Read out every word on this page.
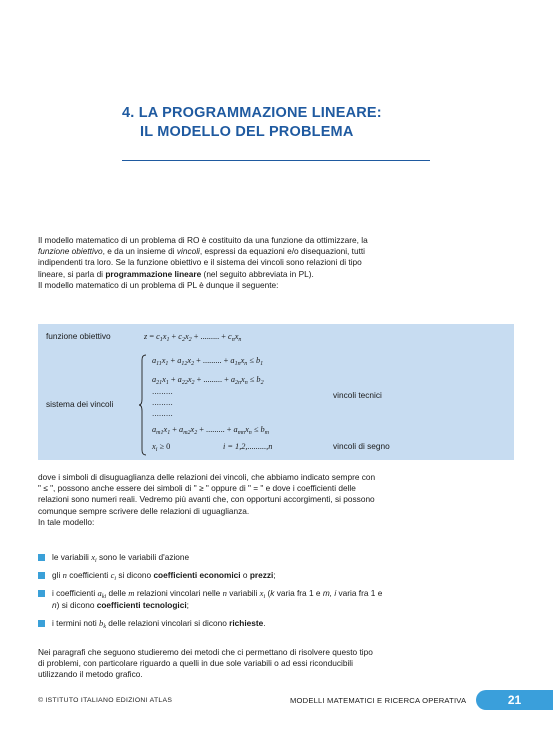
4. LA PROGRAMMAZIONE LINEARE:
IL MODELLO DEL PROBLEMA
Il modello matematico di un problema di RO è costituito da una funzione da ottimizzare, la funzione obiettivo, e da un insieme di vincoli, espressi da equazioni e/o disequazioni, tutti indipendenti tra loro. Se la funzione obiettivo e il sistema dei vincoli sono relazioni di tipo lineare, si parla di programmazione lineare (nel seguito abbreviata in PL).
Il modello matematico di un problema di PL è dunque il seguente:
funzione obiettivo	$z = c_1x_1 + c_2x_2$ + ......... + $c_nx_n$
$a_{11}x_1 + a_{12}x_2$ + ......... + $a_{1n}x_n \le b_1$
$a_{21}x_1 + a_{22}x_2$ + ......... + $a_{2n}x_n \le b_2$
.........	vincoli tecnici
.........
sistema dei vincoli
.........
$a_{m1}x_1 + a_{m2}x_2$ + ......... + $a_{mn}x_n \le b_m$
$x_i \ge 0$	i = 1,2,.........,n	vincoli di segno
dove i simboli di disuguaglianza delle relazioni dei vincoli, che abbiamo indicato sempre con " ≤ ", possono anche essere dei simboli di " ≥ " oppure di " = " e dove i coefficienti delle relazioni sono numeri reali. Vedremo più avanti che, con opportuni accorgimenti, si possono comunque sempre scrivere delle relazioni di uguaglianza.
In tale modello:
le variabili $x_i$ sono le variabili d'azione
gli n coefficienti $c_i$ si dicono coefficienti economici o prezzi;
i coefficienti $a_{ki}$ delle m relazioni vincolari nelle n variabili $x_i$ (k varia fra 1 e m, i varia fra 1 e n) si dicono coefficienti tecnologici;
i termini noti $b_k$ delle relazioni vincolari si dicono richieste.
Nei paragrafi che seguono studieremo dei metodi che ci permettano di risolvere questo tipo di problemi, con particolare riguardo a quelli in due sole variabili o ad essi riconducibili utilizzando il metodo grafico.
© ISTITUTO ITALIANO EDIZIONI ATLAS	MODELLI MATEMATICI E RICERCA OPERATIVA	21
